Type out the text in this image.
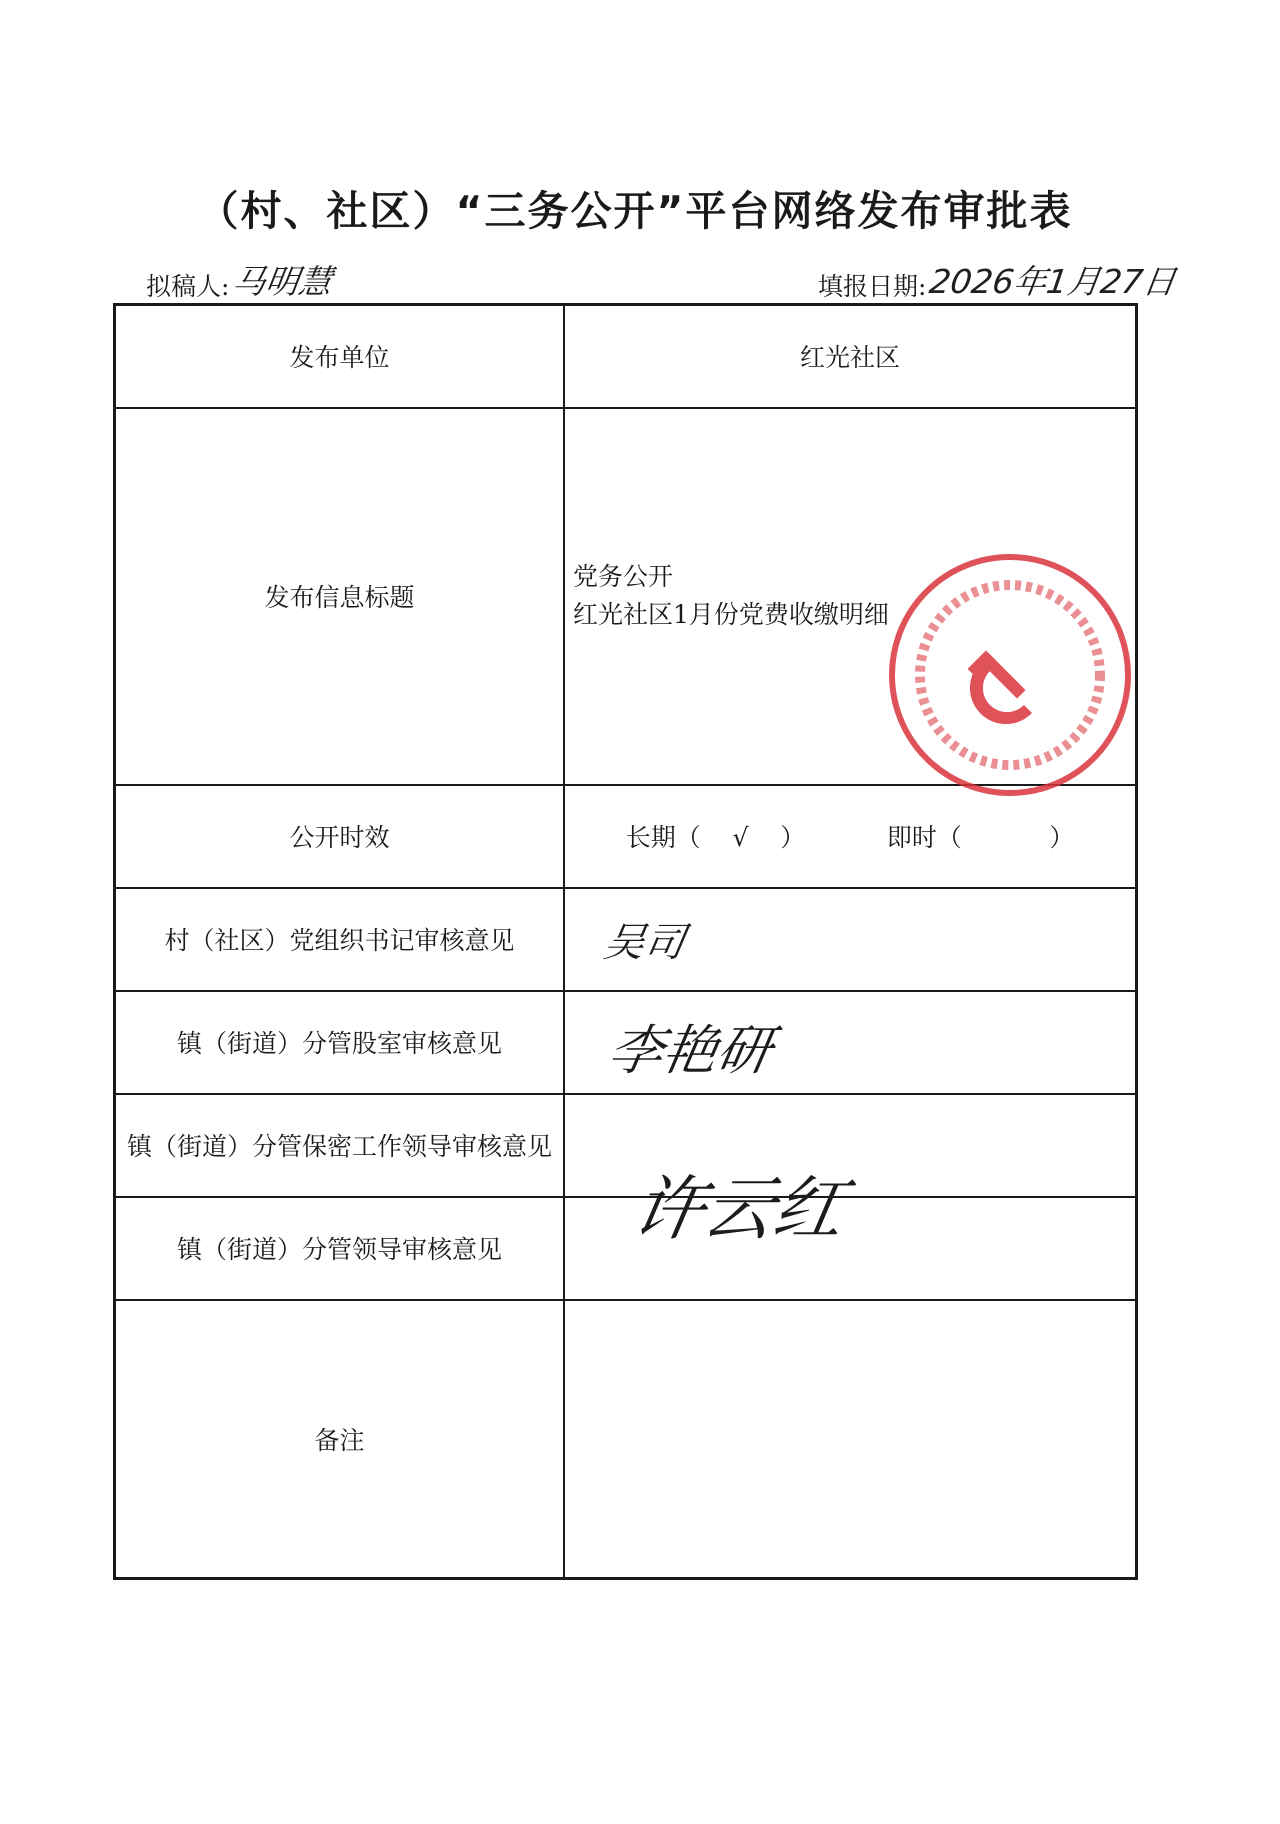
（村、社区）“三务公开”平台网络发布审批表
拟稿人: 马明慧	填报日期: 2026年1月27日
发布单位	红光社区
发布信息标题	党务公开
红光社区1月份党费收缴明细

公开时效	长期（    √    ） 即时（           ）

村（社区）党组织书记审核意见	吴司

镇（街道）分管股室审核意见	李艳研

镇（街道）分管保密工作领导审核意见	
镇（街道）分管领导审核意见	许云红

备注	
